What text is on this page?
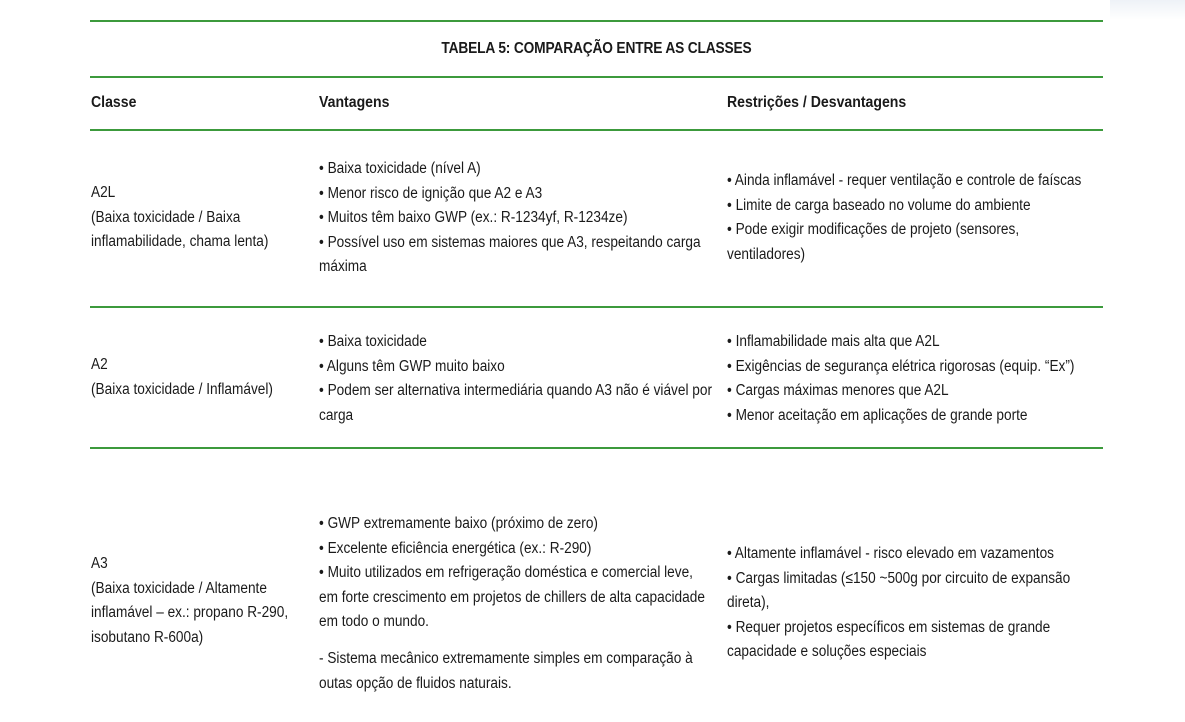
TABELA 5: COMPARAÇÃO ENTRE AS CLASSES
Classe	Vantagens	Restrições / Desvantagens
A2L
(Baixa toxicidade / Baixa
inflamabilidade, chama lenta)
• Baixa toxicidade (nível A)
• Menor risco de ignição que A2 e A3
• Muitos têm baixo GWP (ex.: R-1234yf, R-1234ze)
• Possível uso em sistemas maiores que A3, respeitando carga
máxima
• Ainda inflamável - requer ventilação e controle de faíscas
• Limite de carga baseado no volume do ambiente
• Pode exigir modificações de projeto (sensores,
ventiladores)
A2
(Baixa toxicidade / Inflamável)
• Baixa toxicidade
• Alguns têm GWP muito baixo
• Podem ser alternativa intermediária quando A3 não é viável por
carga
• Inflamabilidade mais alta que A2L
• Exigências de segurança elétrica rigorosas (equip. “Ex”)
• Cargas máximas menores que A2L
• Menor aceitação em aplicações de grande porte
A3
(Baixa toxicidade / Altamente
inflamável – ex.: propano R-290,
isobutano R-600a)
• GWP extremamente baixo (próximo de zero)
• Excelente eficiência energética (ex.: R-290)
• Muito utilizados em refrigeração doméstica e comercial leve,
em forte crescimento em projetos de chillers de alta capacidade
em todo o mundo.
- Sistema mecânico extremamente simples em comparação à
outas opção de fluidos naturais.
• Altamente inflamável - risco elevado em vazamentos
• Cargas limitadas (≤150 ~500g por circuito de expansão
direta),
• Requer projetos específicos em sistemas de grande
capacidade e soluções especiais
